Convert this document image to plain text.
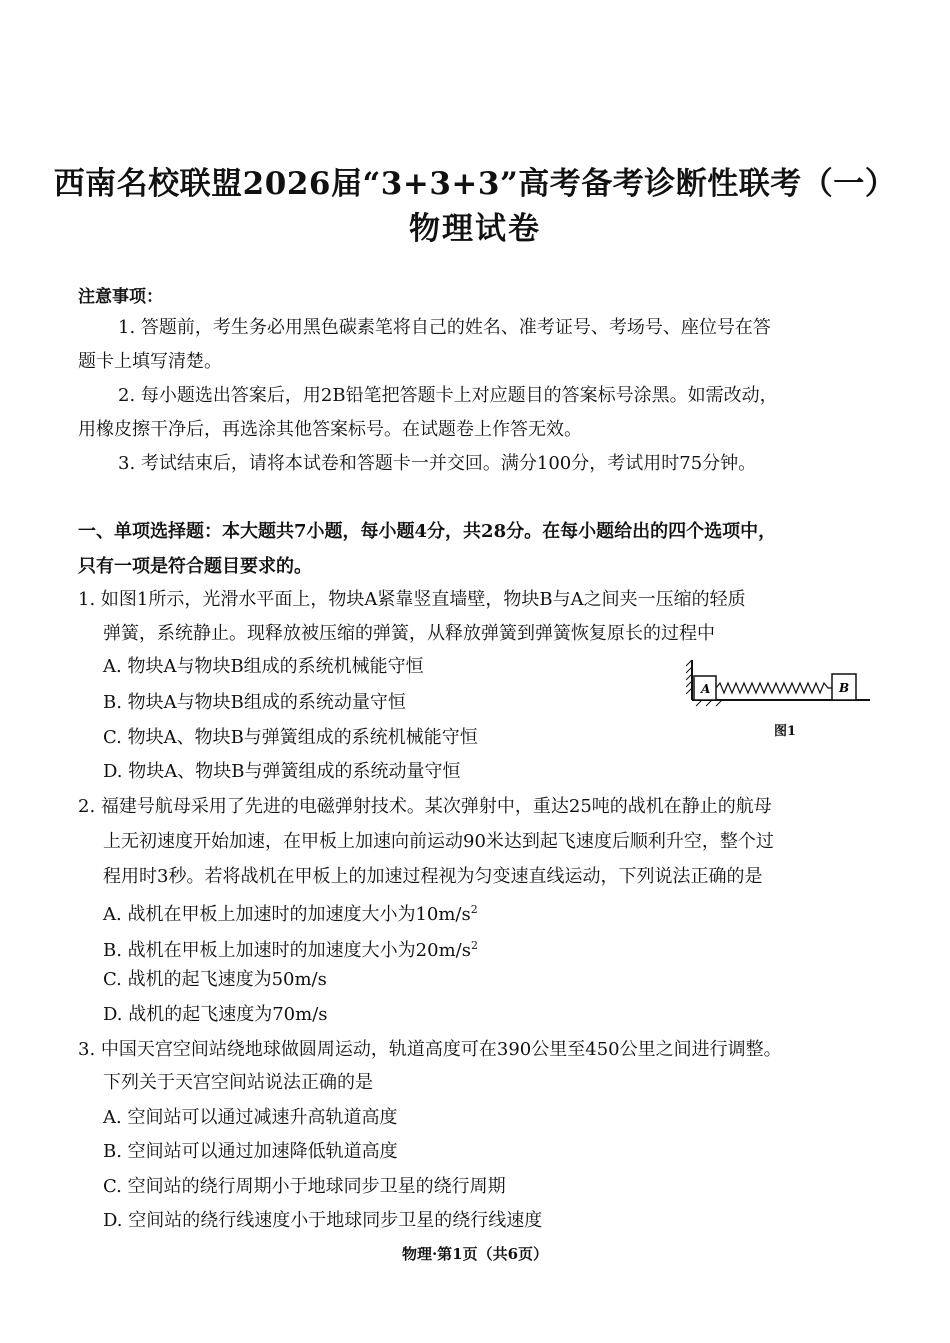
西南名校联盟2026届“3+3+3”高考备考诊断性联考（一）
物理试卷
注意事项：
1. 答题前，考生务必用黑色碳素笔将自己的姓名、准考证号、考场号、座位号在答
题卡上填写清楚。
2. 每小题选出答案后，用2B铅笔把答题卡上对应题目的答案标号涂黑。如需改动，
用橡皮擦干净后，再选涂其他答案标号。在试题卷上作答无效。
3. 考试结束后，请将本试卷和答题卡一并交回。满分100分，考试用时75分钟。
一、单项选择题：本大题共7小题，每小题4分，共28分。在每小题给出的四个选项中，
只有一项是符合题目要求的。
1. 如图1所示，光滑水平面上，物块A紧靠竖直墙壁，物块B与A之间夹一压缩的轻质
弹簧，系统静止。现释放被压缩的弹簧，从释放弹簧到弹簧恢复原长的过程中
A. 物块A与物块B组成的系统机械能守恒
B. 物块A与物块B组成的系统动量守恒
C. 物块A、物块B与弹簧组成的系统机械能守恒
D. 物块A、物块B与弹簧组成的系统动量守恒
A	B
图1
2. 福建号航母采用了先进的电磁弹射技术。某次弹射中，重达25吨的战机在静止的航母
上无初速度开始加速，在甲板上加速向前运动90米达到起飞速度后顺利升空，整个过
程用时3秒。若将战机在甲板上的加速过程视为匀变速直线运动，下列说法正确的是
A. 战机在甲板上加速时的加速度大小为$10m/s^2$
B. 战机在甲板上加速时的加速度大小为$20m/s^2$
C. 战机的起飞速度为50m/s
D. 战机的起飞速度为70m/s
3. 中国天宫空间站绕地球做圆周运动，轨道高度可在390公里至450公里之间进行调整。
下列关于天宫空间站说法正确的是
A. 空间站可以通过减速升高轨道高度
B. 空间站可以通过加速降低轨道高度
C. 空间站的绕行周期小于地球同步卫星的绕行周期
D. 空间站的绕行线速度小于地球同步卫星的绕行线速度
物理·第1页（共6页）
